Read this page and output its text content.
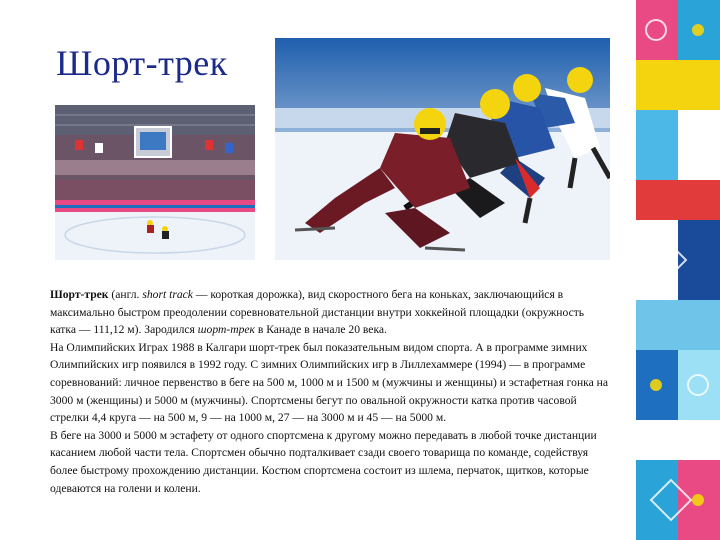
Шорт-трек

Шорт-трек (англ. short track — короткая дорожка), вид скоростного бега на коньках, заключающийся в максимально быстром преодолении соревновательной дистанции внутри хоккейной площадки (окружность катка — 111,12 м). Зародился шорт-трек в Канаде в начале 20 века.

На Олимпийских Играх 1988 в Калгари шорт-трек был показательным видом спорта. А в программе зимних Олимпийских игр появился в 1992 году. С зимних Олимпийских игр в Лиллехаммере (1994) — в программе соревнований: личное первенство в беге на 500 м, 1000 м и 1500 м (мужчины и женщины) и эстафетная гонка на 3000 м (женщины) и 5000 м (мужчины). Спортсмены бегут по овальной окружности катка против часовой стрелки 4,4 круга — на 500 м, 9 — на 1000 м, 27 — на 3000 м и 45 — на 5000 м.

В беге на 3000 и 5000 м эстафету от одного спортсмена к другому можно передавать в любой точке дистанции касанием любой части тела. Спортсмен обычно подталкивает сзади своего товарища по команде, содействуя более быстрому прохождению дистанции. Костюм спортсмена состоит из шлема, перчаток, щитков, которые одеваются на голени и колени.
